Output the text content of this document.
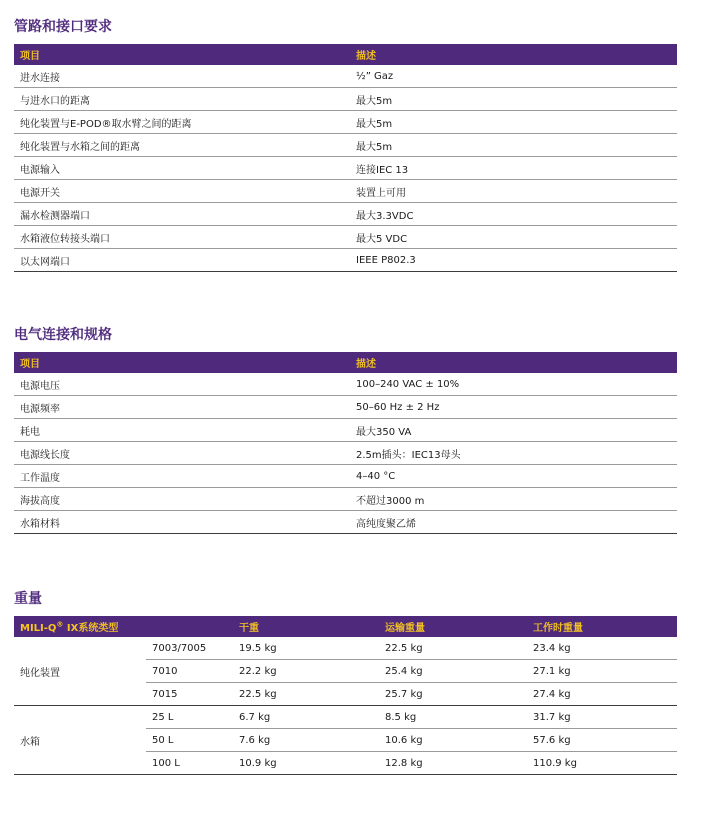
管路和接口要求
项目	描述
进水连接	½” Gaz
与进水口的距离	最大5m
纯化装置与E-POD®取水臂之间的距离	最大5m
纯化装置与水箱之间的距离	最大5m
电源输入	连接IEC 13
电源开关	装置上可用
漏水检测器端口	最大3.3VDC
水箱液位转接头端口	最大5 VDC
以太网端口	IEEE P802.3
电气连接和规格
项目	描述
电源电压	100–240 VAC ± 10%
电源频率	50–60 Hz ± 2 Hz
耗电	最大350 VA
电源线长度	2.5m插头：IEC13母头
工作温度	4–40 °C
海拔高度	不超过3000 m
水箱材料	高纯度聚乙烯
重量
MILI-Q® IX系统类型		干重	运输重量	工作时重量
纯化装置	7003/7005	19.5 kg	22.5 kg	23.4 kg
	7010	22.2 kg	25.4 kg	27.1 kg
	7015	22.5 kg	25.7 kg	27.4 kg
水箱	25 L	6.7 kg	8.5 kg	31.7 kg
	50 L	7.6 kg	10.6 kg	57.6 kg
	100 L	10.9 kg	12.8 kg	110.9 kg
